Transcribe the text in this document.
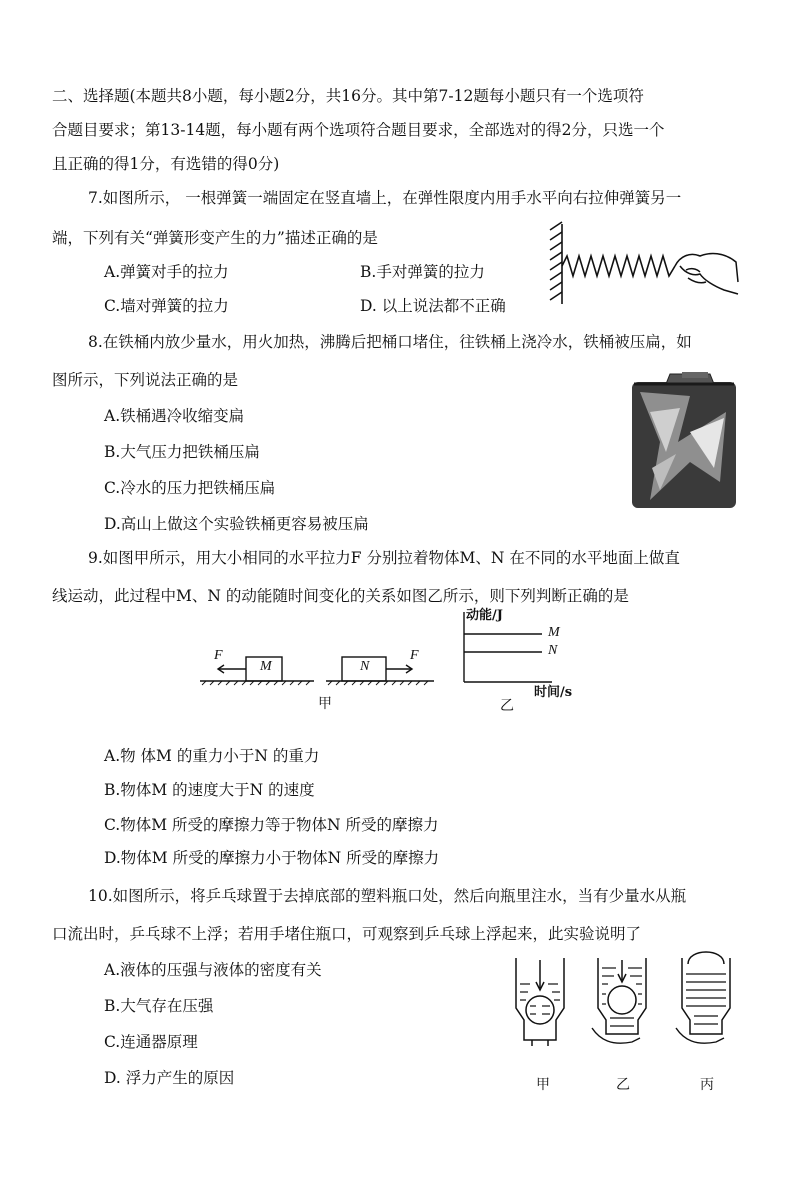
二、选择题(本题共8小题，每小题2分，共16分。其中第7-12题每小题只有一个选项符
合题目要求；第13-14题，每小题有两个选项符合题目要求，全部选对的得2分，只选一个
且正确的得1分，有选错的得0分)
7.如图所示， 一根弹簧一端固定在竖直墙上，在弹性限度内用手水平向右拉伸弹簧另一
端，下列有关“弹簧形变产生的力”描述正确的是
A.弹簧对手的拉力	B.手对弹簧的拉力
C.墙对弹簧的拉力	D. 以上说法都不正确
8.在铁桶内放少量水，用火加热，沸腾后把桶口堵住，往铁桶上浇冷水，铁桶被压扁，如
图所示，下列说法正确的是
A.铁桶遇冷收缩变扁
B.大气压力把铁桶压扁
C.冷水的压力把铁桶压扁
D.高山上做这个实验铁桶更容易被压扁
9.如图甲所示，用大小相同的水平拉力F 分别拉着物体M、N 在不同的水平地面上做直
线运动，此过程中M、N 的动能随时间变化的关系如图乙所示，则下列判断正确的是
F
M	N
F
甲
动能/J
M
N
时间/s
乙
A.物 体M 的重力小于N 的重力
B.物体M 的速度大于N 的速度
C.物体M 所受的摩擦力等于物体N 所受的摩擦力
D.物体M 所受的摩擦力小于物体N 所受的摩擦力
10.如图所示，将乒乓球置于去掉底部的塑料瓶口处，然后向瓶里注水，当有少量水从瓶
口流出时，乒乓球不上浮；若用手堵住瓶口，可观察到乒乓球上浮起来，此实验说明了
A.液体的压强与液体的密度有关
B.大气存在压强
C.连通器原理
D. 浮力产生的原因	甲	乙	丙
